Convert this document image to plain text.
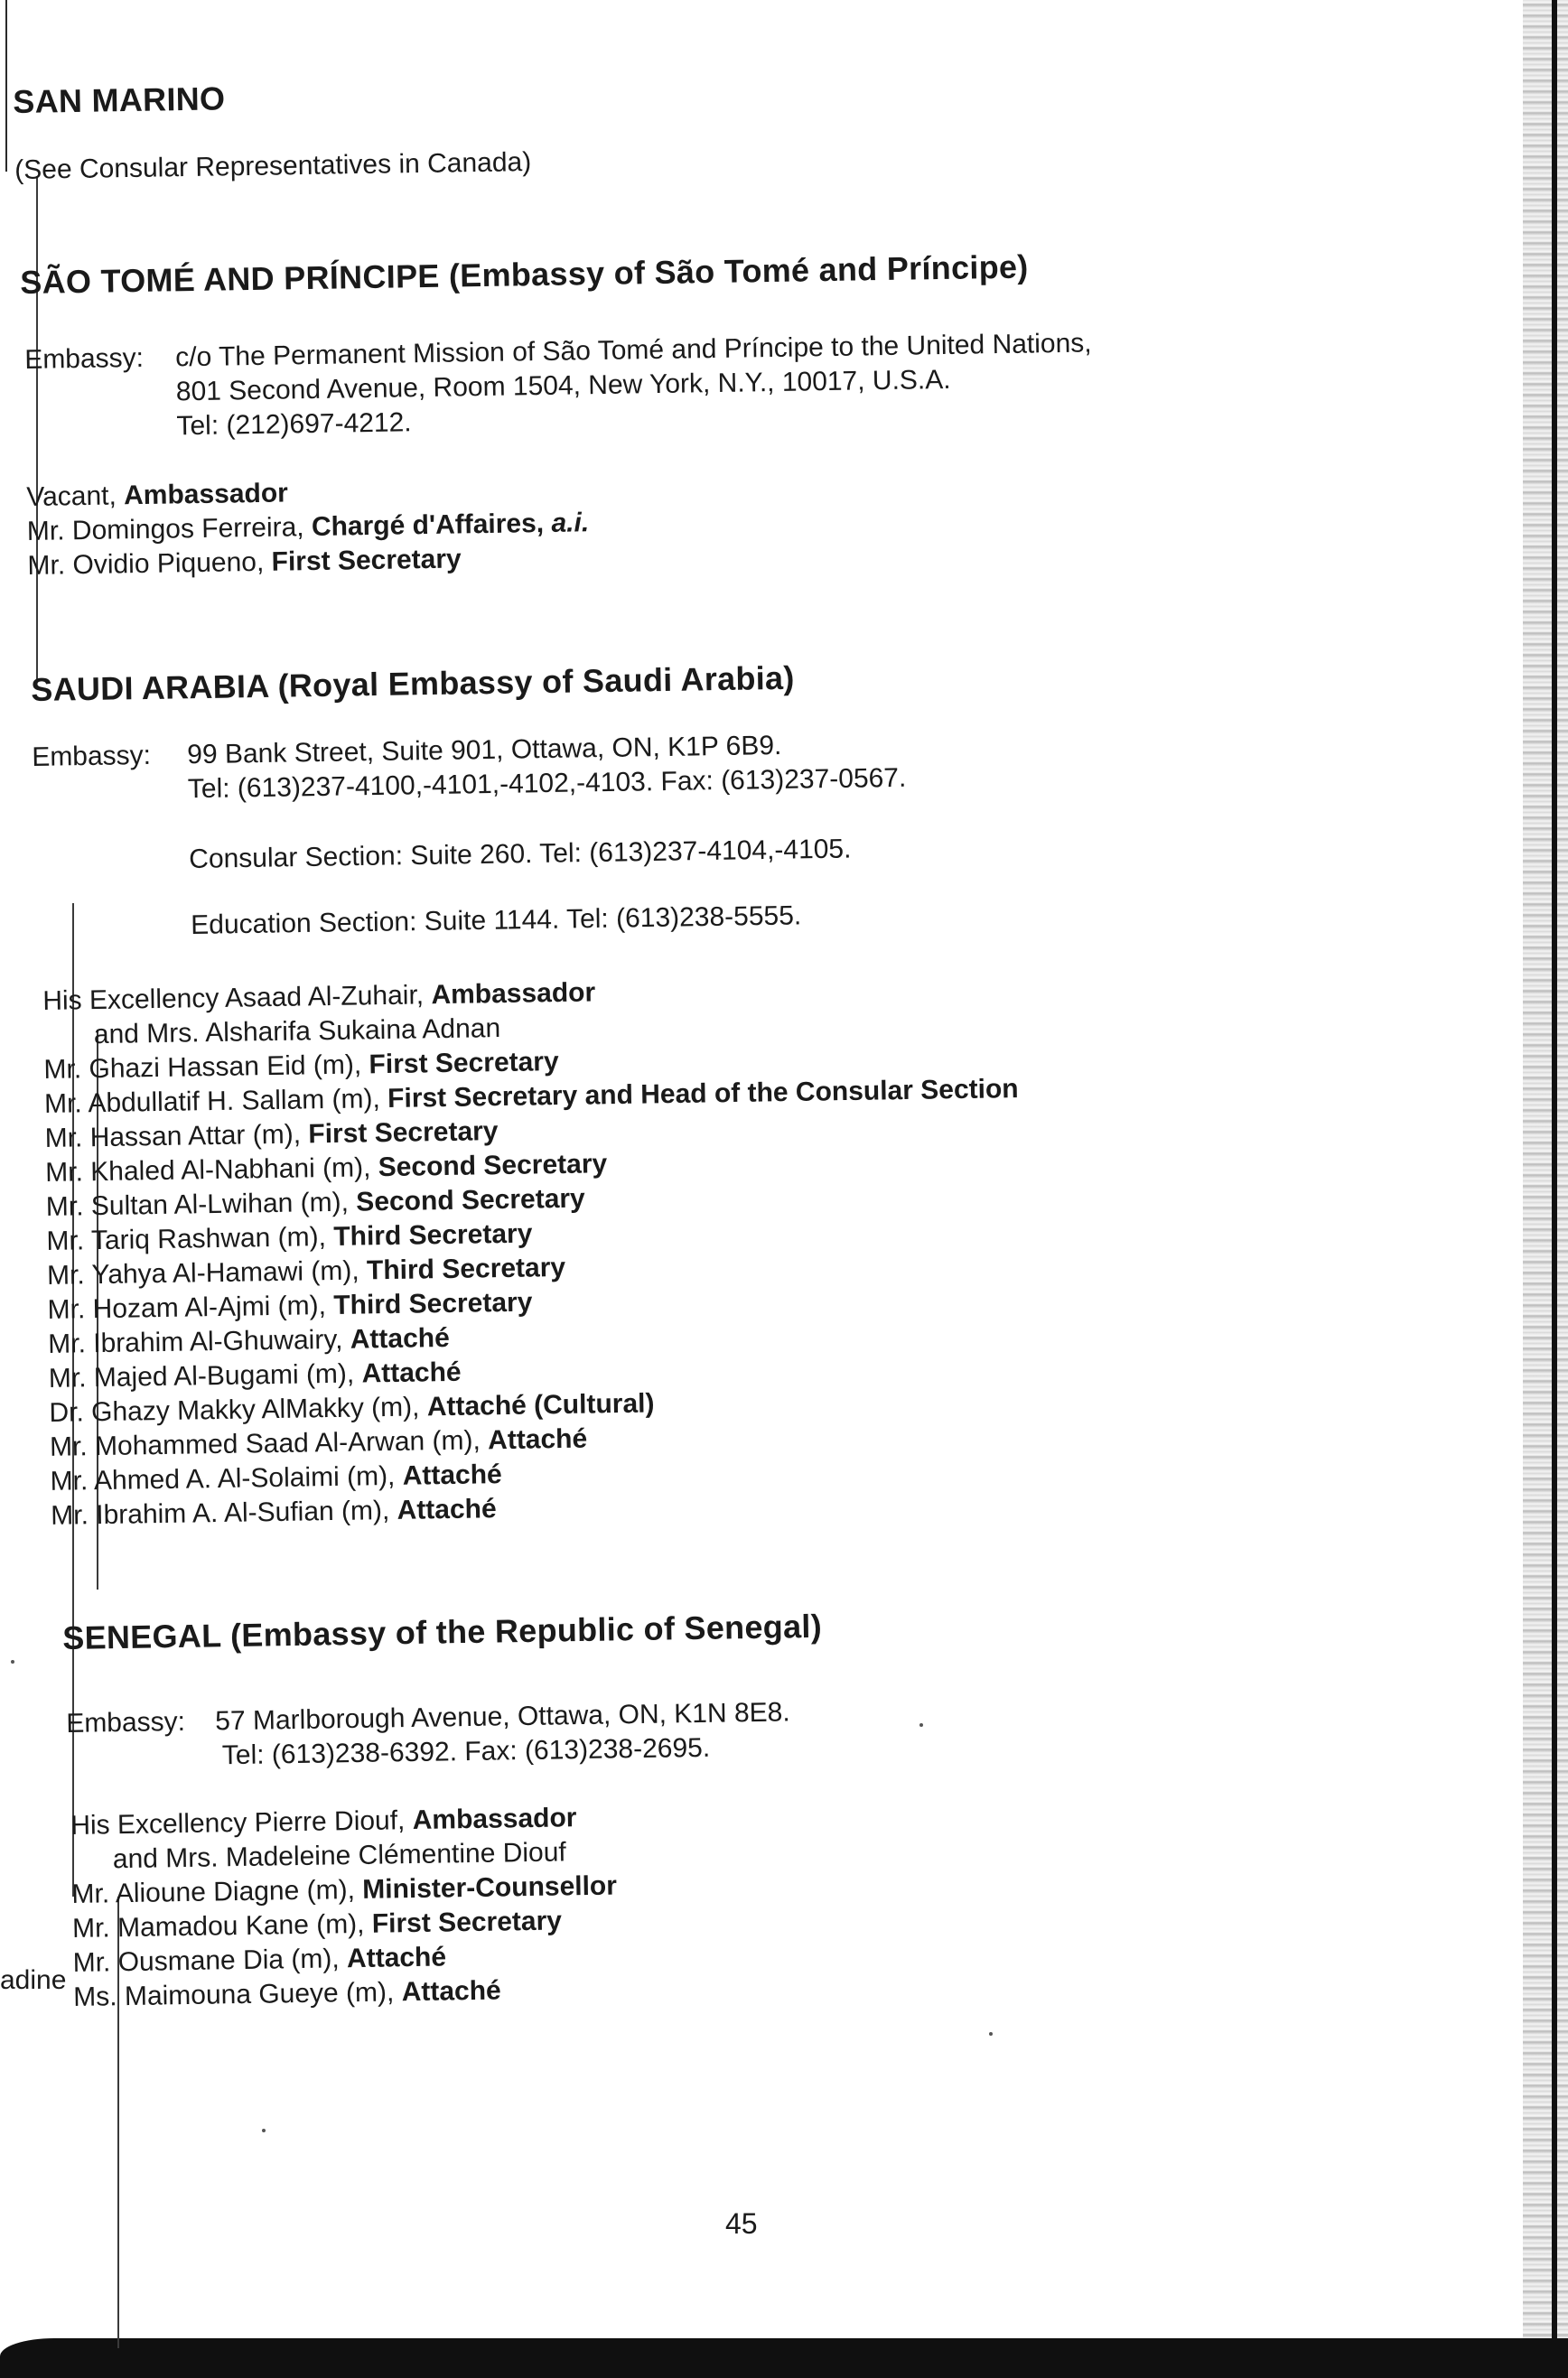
SAN MARINO
(See Consular Representatives in Canada)
SÃO TOMÉ AND PRÍNCIPE (Embassy of São Tomé and Príncipe)
Embassy: c/o The Permanent Mission of São Tomé and Príncipe to the United Nations,
801 Second Avenue, Room 1504, New York, N.Y., 10017, U.S.A.
Tel: (212)697-4212.
Vacant, Ambassador
Mr. Domingos Ferreira, Chargé d'Affaires, a.i.
Mr. Ovidio Piqueno, First Secretary
SAUDI ARABIA (Royal Embassy of Saudi Arabia)
Embassy: 99 Bank Street, Suite 901, Ottawa, ON, K1P 6B9.
Tel: (613)237-4100,-4101,-4102,-4103. Fax: (613)237-0567.
Consular Section: Suite 260. Tel: (613)237-4104,-4105.
Education Section: Suite 1144. Tel: (613)238-5555.
His Excellency Asaad Al-Zuhair, Ambassador
and Mrs. Alsharifa Sukaina Adnan
Mr. Ghazi Hassan Eid (m), First Secretary
Mr. Abdullatif H. Sallam (m), First Secretary and Head of the Consular Section
Mr. Hassan Attar (m), First Secretary
Mr. Khaled Al-Nabhani (m), Second Secretary
Mr. Sultan Al-Lwihan (m), Second Secretary
Mr. Tariq Rashwan (m), Third Secretary
Mr. Yahya Al-Hamawi (m), Third Secretary
Mr. Hozam Al-Ajmi (m), Third Secretary
Mr. Ibrahim Al-Ghuwairy, Attaché
Mr. Majed Al-Bugami (m), Attaché
Dr. Ghazy Makky AlMakky (m), Attaché (Cultural)
Mr. Mohammed Saad Al-Arwan (m), Attaché
Mr. Ahmed A. Al-Solaimi (m), Attaché
Mr. Ibrahim A. Al-Sufian (m), Attaché
SENEGAL (Embassy of the Republic of Senegal)
Embassy: 57 Marlborough Avenue, Ottawa, ON, K1N 8E8.
Tel: (613)238-6392. Fax: (613)238-2695.
His Excellency Pierre Diouf, Ambassador
and Mrs. Madeleine Clémentine Diouf
Mr. Alioune Diagne (m), Minister-Counsellor
Mr. Mamadou Kane (m), First Secretary
Mr. Ousmane Dia (m), Attaché
Ms. Maimouna Gueye (m), Attaché
adine
45
